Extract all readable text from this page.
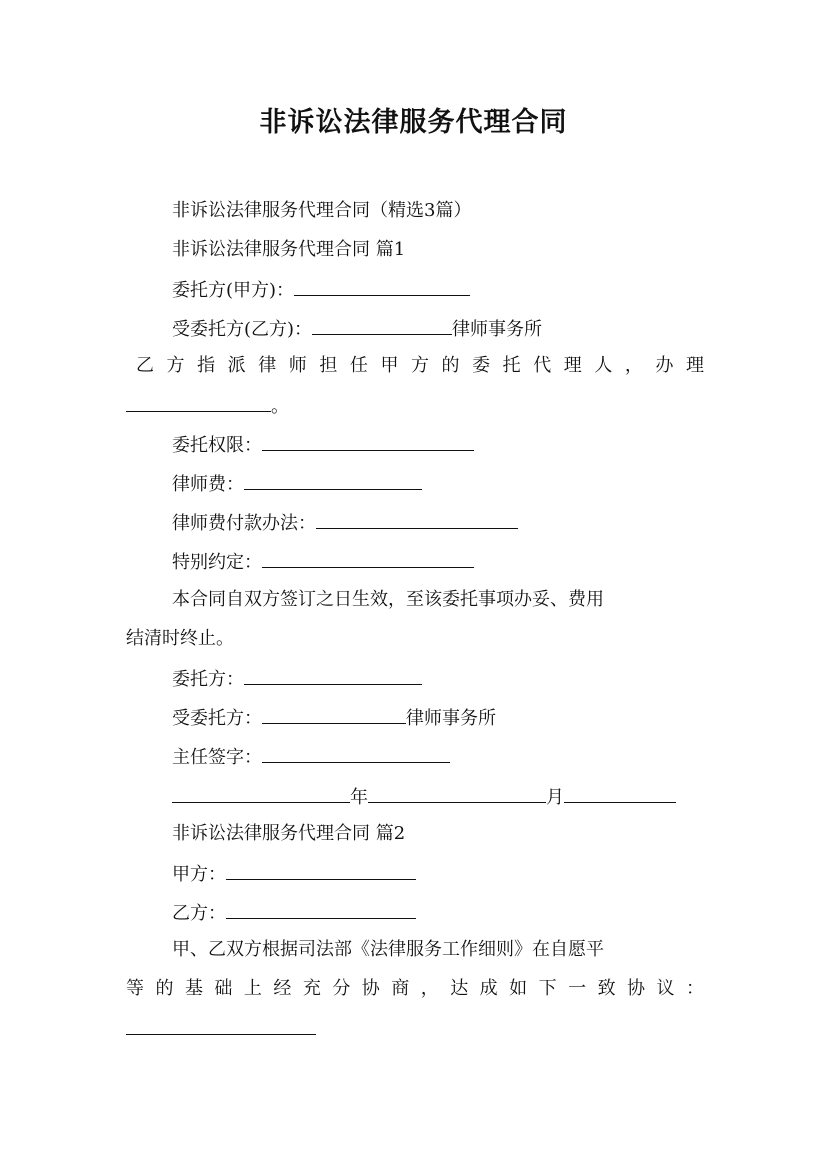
非诉讼法律服务代理合同
非诉讼法律服务代理合同（精选3篇）
非诉讼法律服务代理合同 篇1
委托方(甲方)：
受委托方(乙方)：	律师事务所
乙方指派律师担任甲方的委托代理人，办理
。
委托权限：
律师费：
律师费付款办法：
特别约定：
本合同自双方签订之日生效，至该委托事项办妥、费用
结清时终止。
委托方：
受委托方：	律师事务所
主任签字：
年	月
非诉讼法律服务代理合同 篇2
甲方：
乙方：
甲、乙双方根据司法部《法律服务工作细则》在自愿平
等的基础上经充分协商，达成如下一致协议：
